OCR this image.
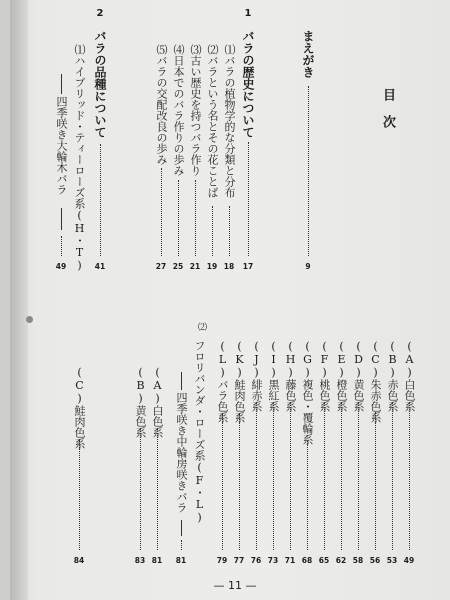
目次
まえがき
9
1
バラの歴史について
17
⑴バラの植物学的な分類と分布
18
⑵バラという名とその花ことば
19
⑶古い歴史を持つバラ作り
21
⑷日本でのバラ作りの歩み
25
⑸バラの交配改良の歩み
27
2
バラの品種について
41
⑴ハイブリッド・ティーローズ系(H・T)
四季咲き大輪木バラ
49
(A)白色系
49
(B)赤色系
53
(C)朱赤色系
56
(D)黄色系
58
(E)橙色系
62
(F)桃色系
65
(G)複色・覆輪系
68
(H)藤色系
71
(I)黒紅系
73
(J)緋赤系
76
(K)鮭肉色系
77
(L)バラ色系
79
⑵
フロリバンダ・ローズ系(F・L)
四季咲き中輪房咲きバラ
81
(A)白色系
81
(B)黄色系
83
(C)鮭肉色系
84
— 11 —
